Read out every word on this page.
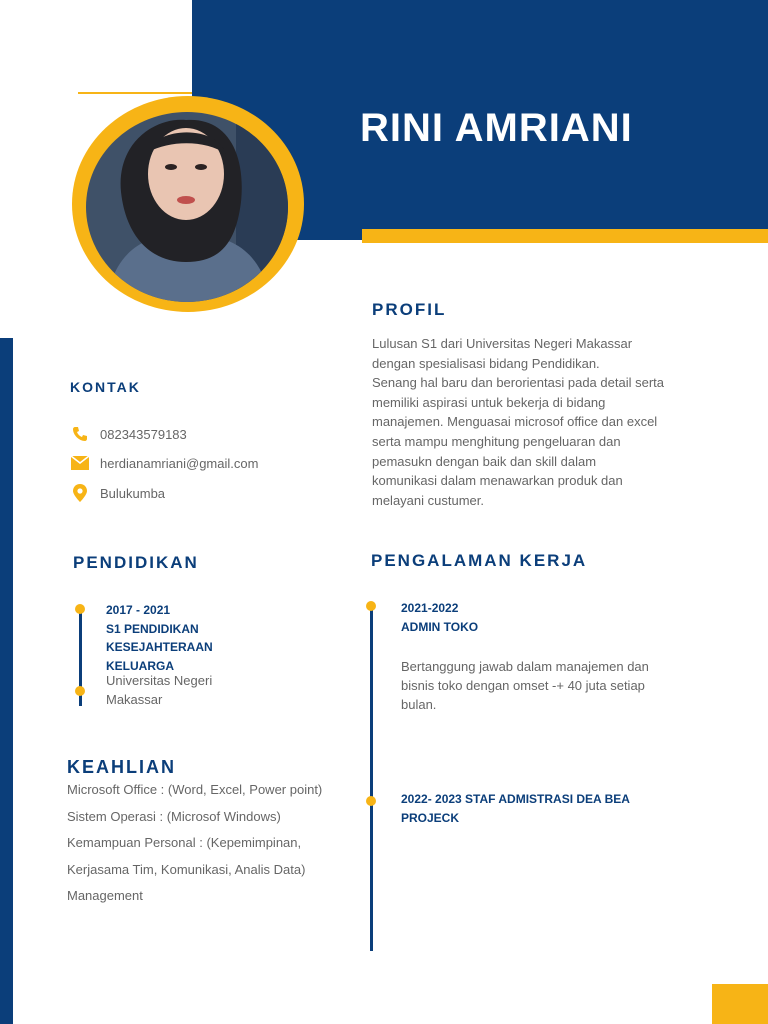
RINI AMRIANI
PROFIL
Lulusan S1 dari Universitas Negeri Makassar
dengan spesialisasi bidang Pendidikan.
Senang hal baru dan berorientasi pada detail serta
memiliki aspirasi untuk bekerja di bidang
manajemen. Menguasai microsof office dan excel
serta mampu menghitung pengeluaran dan
pemasukn dengan baik dan skill dalam
komunikasi dalam menawarkan produk dan
melayani custumer.
KONTAK
082343579183
herdianamriani@gmail.com
Bulukumba
PENDIDIKAN
2017 - 2021
S1 PENDIDIKAN
KESEJAHTERAAN
KELUARGA
Universitas Negeri
Makassar
PENGALAMAN KERJA
2021-2022
ADMIN TOKO
Bertanggung jawab dalam manajemen dan
bisnis toko dengan omset -+ 40 juta setiap
bulan.
2022- 2023 STAF ADMISTRASI DEA BEA
PROJECK
KEAHLIAN
Microsoft Office : (Word, Excel, Power point)
Sistem Operasi : (Microsof Windows)
Kemampuan Personal : (Kepemimpinan,
Kerjasama Tim, Komunikasi, Analis Data)
Management
